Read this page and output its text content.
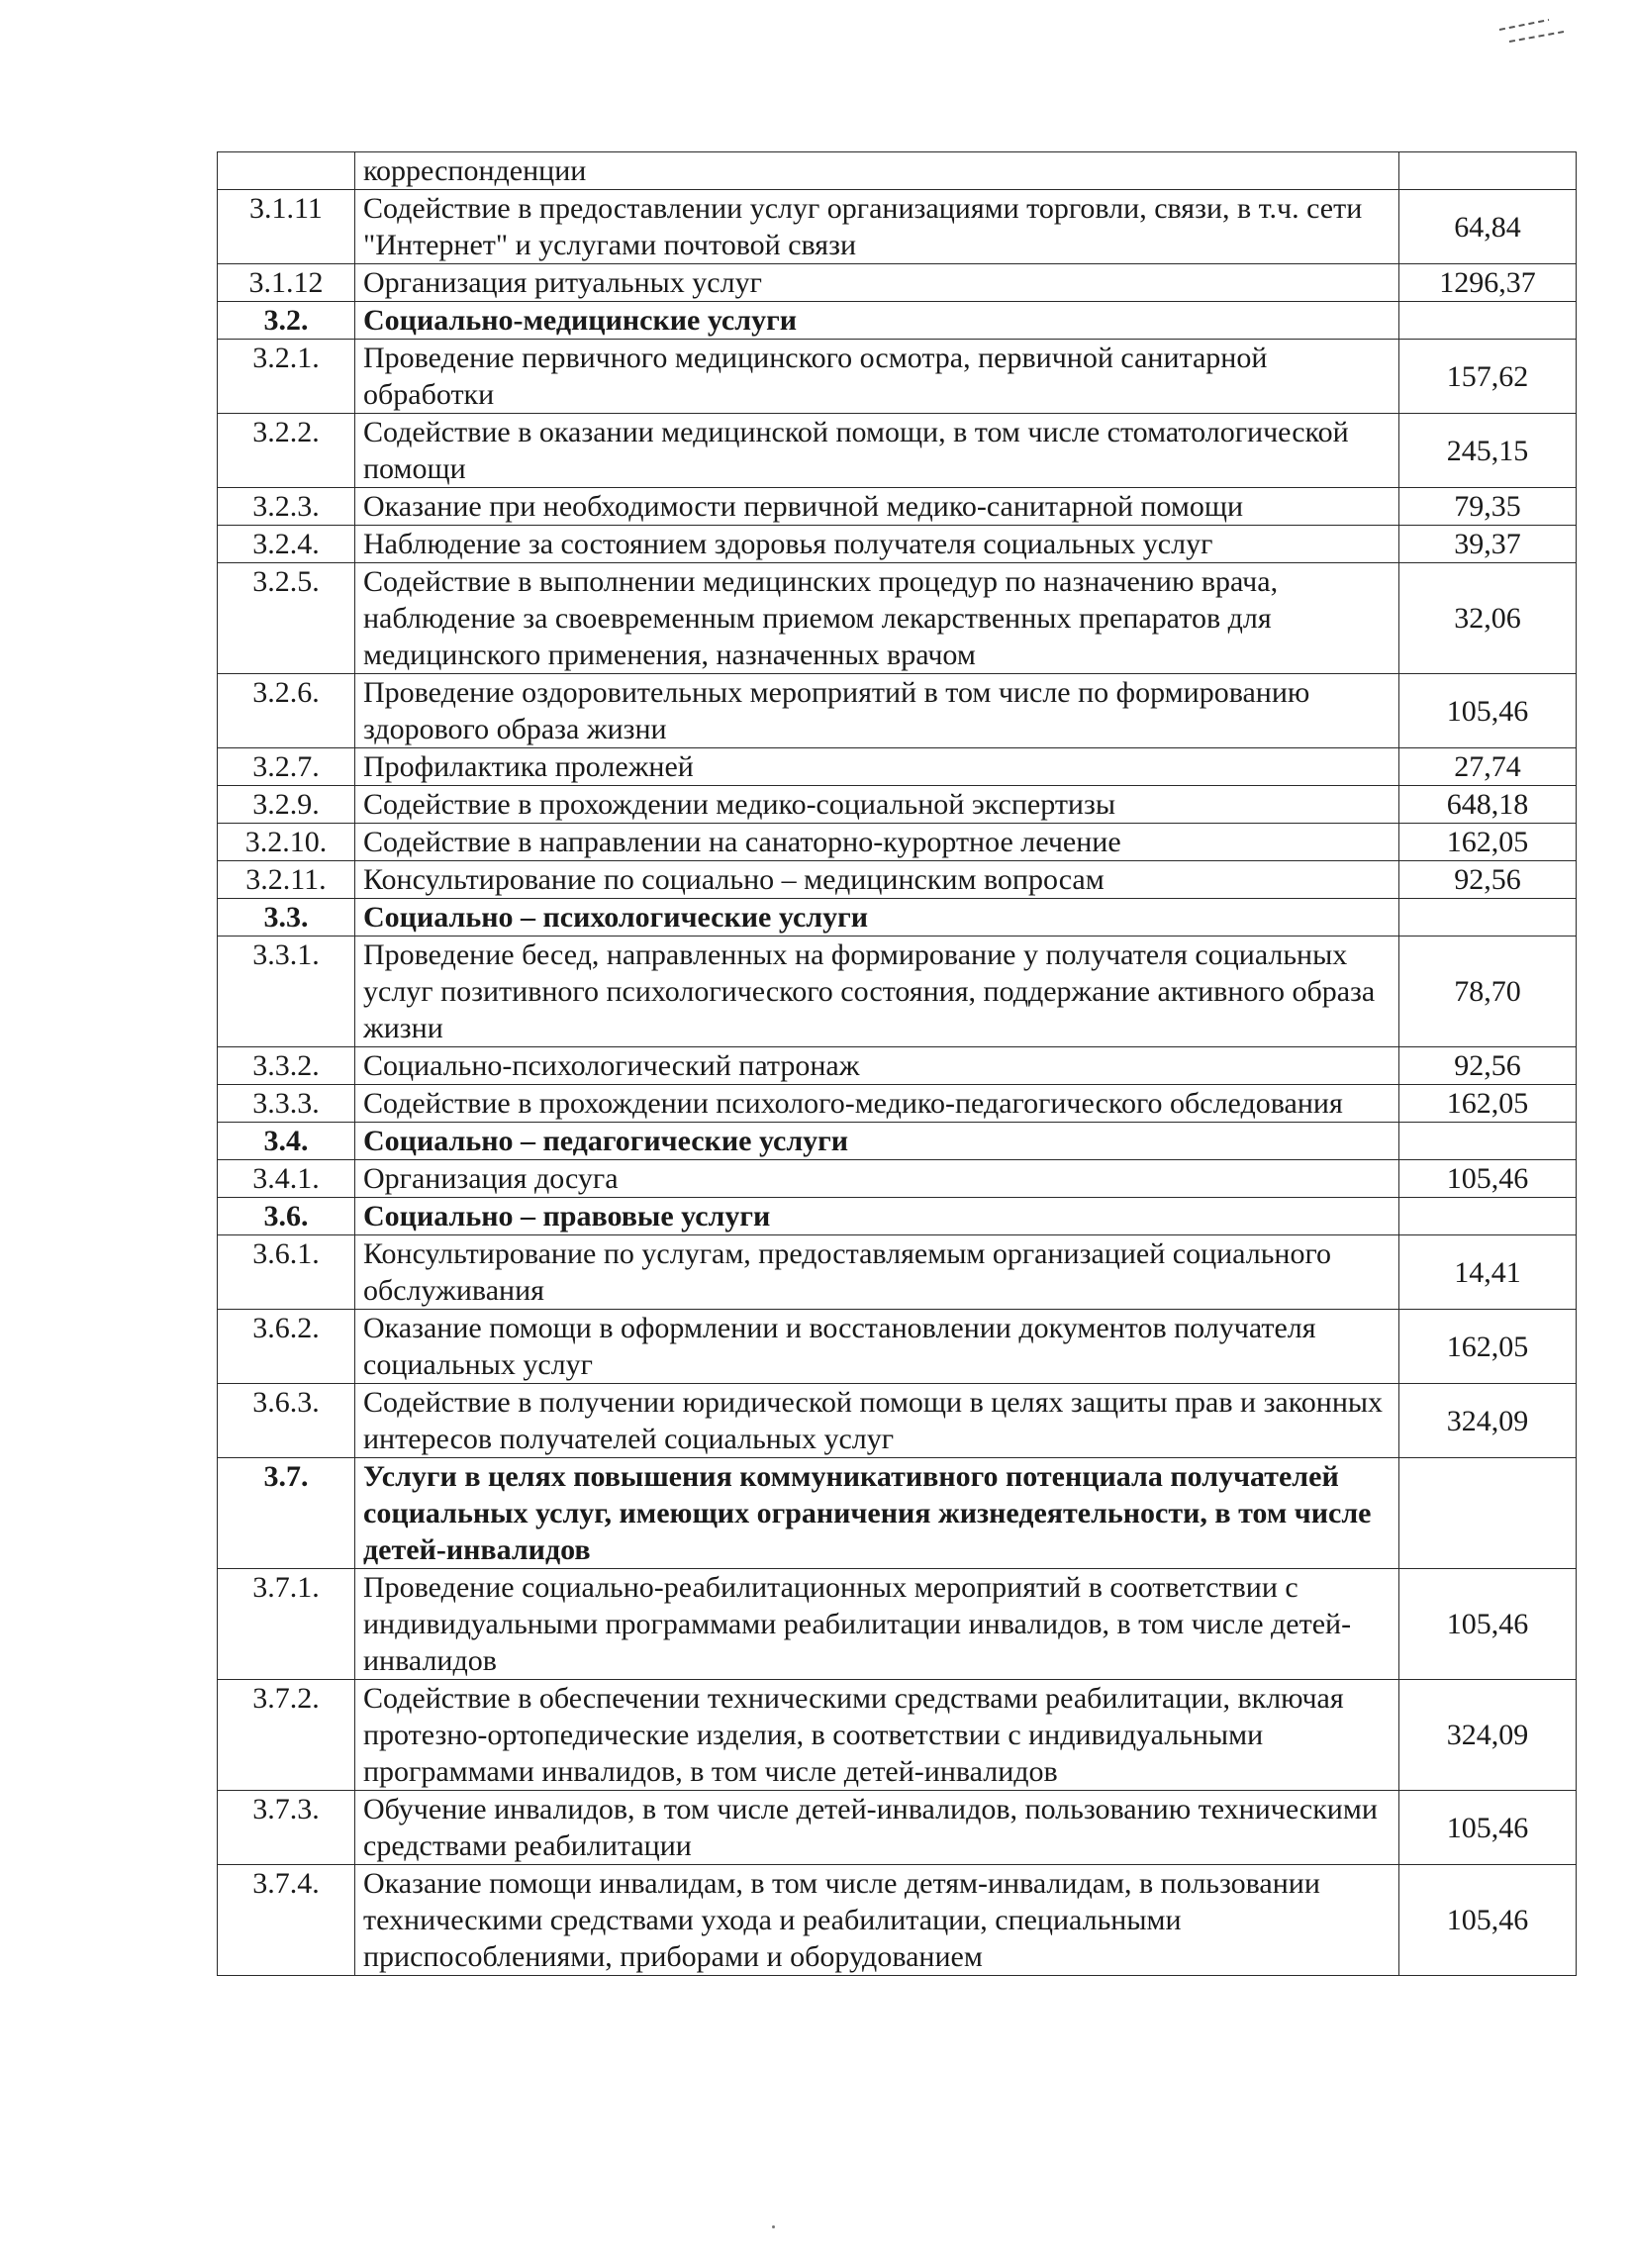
	корреспонденции	
3.1.11	Содействие в предоставлении услуг организациями торговли, связи, в т.ч. сети "Интернет" и услугами почтовой связи	64,84
3.1.12	Организация ритуальных услуг	1296,37
3.2.	Социально-медицинские услуги	
3.2.1.	Проведение первичного медицинского осмотра, первичной санитарной обработки	157,62
3.2.2.	Содействие в оказании медицинской помощи, в том числе стоматологической помощи	245,15
3.2.3.	Оказание при необходимости первичной медико-санитарной помощи	79,35
3.2.4.	Наблюдение за состоянием здоровья получателя социальных услуг	39,37
3.2.5.	Содействие в выполнении медицинских процедур по назначению врача, наблюдение за своевременным приемом лекарственных препаратов для медицинского применения, назначенных врачом	32,06
3.2.6.	Проведение оздоровительных мероприятий в том числе по формированию здорового образа жизни	105,46
3.2.7.	Профилактика пролежней	27,74
3.2.9.	Содействие в прохождении медико-социальной экспертизы	648,18
3.2.10.	Содействие в направлении на санаторно-курортное лечение	162,05
3.2.11.	Консультирование по социально – медицинским вопросам	92,56
3.3.	Социально – психологические услуги	
3.3.1.	Проведение бесед, направленных на формирование у получателя социальных услуг позитивного психологического состояния, поддержание активного образа жизни	78,70
3.3.2.	Социально-психологический патронаж	92,56
3.3.3.	Содействие в прохождении психолого-медико-педагогического обследования	162,05
3.4.	Социально – педагогические услуги	
3.4.1.	Организация досуга	105,46
3.6.	Социально – правовые услуги	
3.6.1.	Консультирование по услугам, предоставляемым организацией социального обслуживания	14,41
3.6.2.	Оказание помощи в оформлении и восстановлении документов получателя социальных услуг	162,05
3.6.3.	Содействие в получении юридической помощи в целях защиты прав и законных интересов получателей социальных услуг	324,09
3.7.	Услуги в целях повышения коммуникативного потенциала получателей социальных услуг, имеющих ограничения жизнедеятельности, в том числе детей-инвалидов	
3.7.1.	Проведение социально-реабилитационных мероприятий в соответствии с индивидуальными программами реабилитации инвалидов, в том числе детей-инвалидов	105,46
3.7.2.	Содействие в обеспечении техническими средствами реабилитации, включая протезно-ортопедические изделия, в соответствии с индивидуальными программами инвалидов, в том числе детей-инвалидов	324,09
3.7.3.	Обучение инвалидов, в том числе детей-инвалидов, пользованию техническими средствами реабилитации	105,46
3.7.4.	Оказание помощи инвалидам, в том числе детям-инвалидам, в пользовании техническими средствами ухода и реабилитации, специальными приспособлениями, приборами и оборудованием	105,46
